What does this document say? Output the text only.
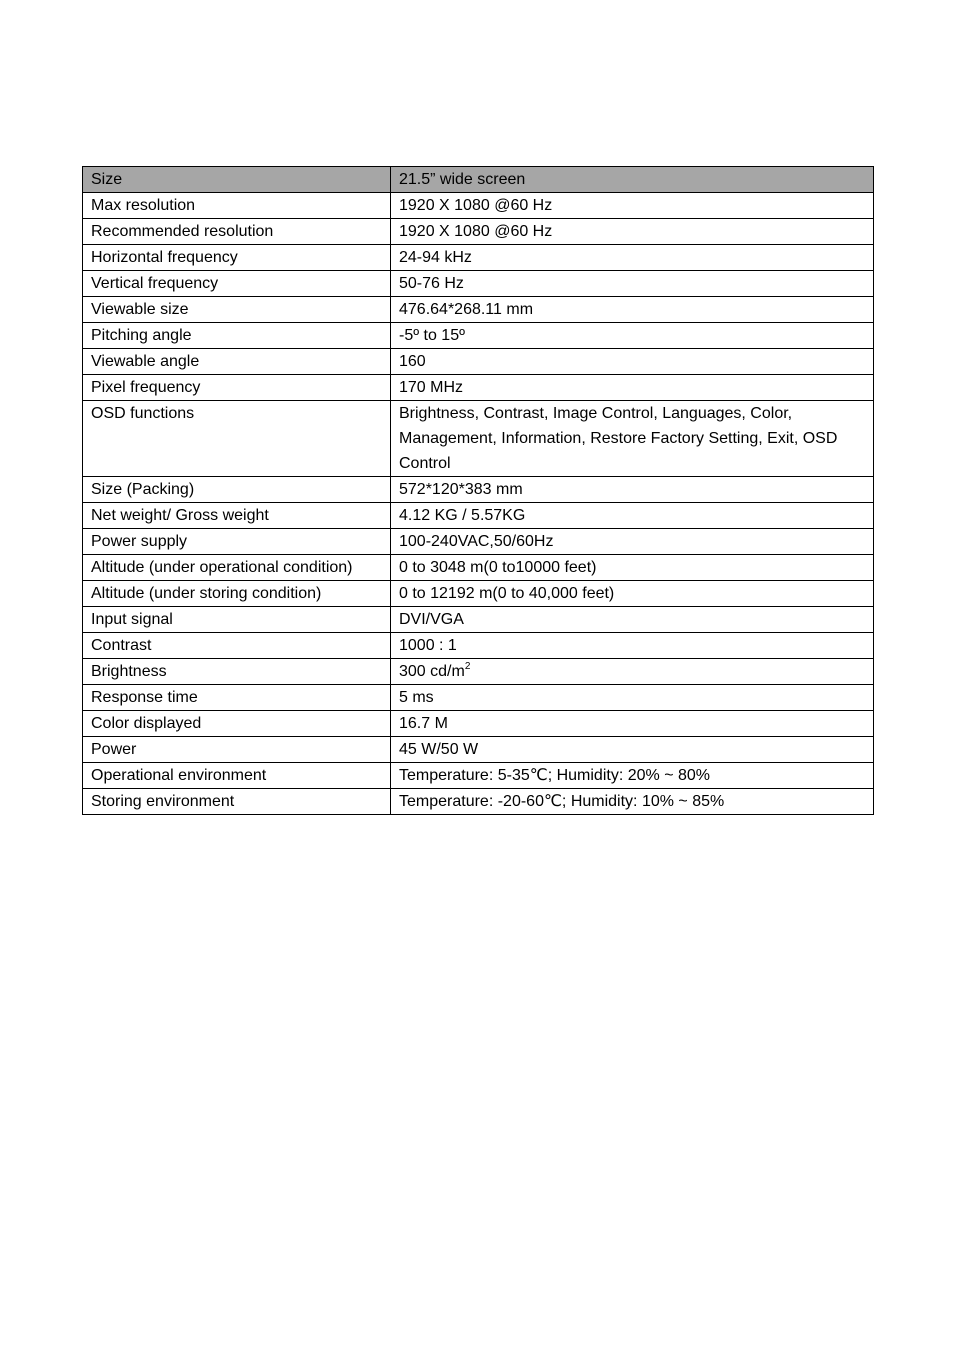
Size	21.5” wide screen
Max resolution	1920 X 1080 @60 Hz
Recommended resolution	1920 X 1080 @60 Hz
Horizontal frequency	24-94 kHz
Vertical frequency	50-76 Hz
Viewable size	476.64*268.11 mm
Pitching angle	-5º to 15º
Viewable angle	160
Pixel frequency	170 MHz
OSD functions	Brightness, Contrast, Image Control, Languages, Color, Management, Information, Restore Factory Setting, Exit, OSD Control
Size (Packing)	572*120*383 mm
Net weight/ Gross weight	4.12 KG / 5.57KG
Power supply	100-240VAC,50/60Hz
Altitude (under operational condition)	0 to 3048 m(0 to10000 feet)
Altitude (under storing condition)	0 to 12192 m(0 to 40,000 feet)
Input signal	DVI/VGA
Contrast	1000 : 1
Brightness	300 $cd/m^2$
Response time	5 ms
Color displayed	16.7 M
Power	45 W/50 W
Operational environment	Temperature: 5-35℃; Humidity: 20% ~ 80%
Storing environment	Temperature: -20-60℃; Humidity: 10% ~ 85%
